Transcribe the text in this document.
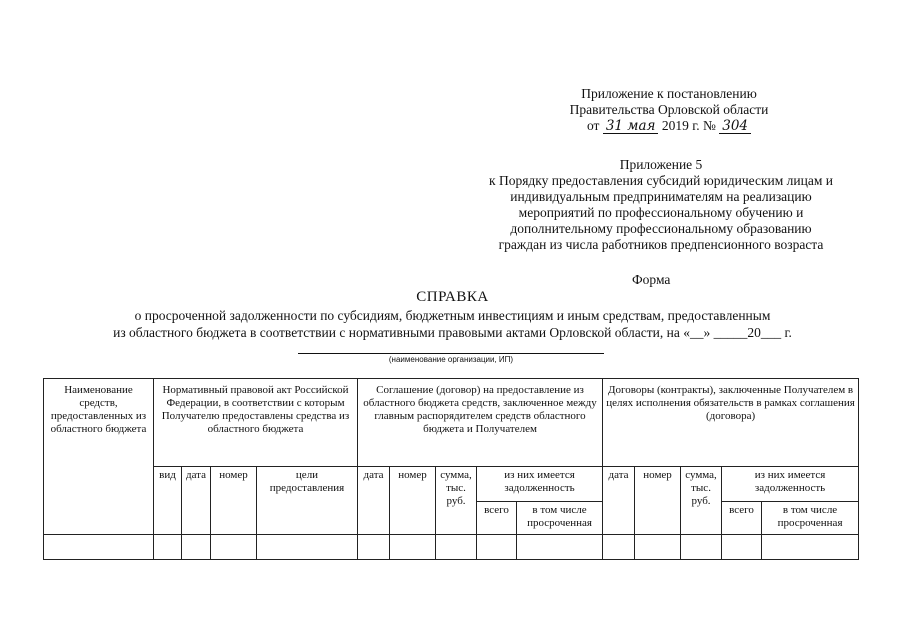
Приложение к постановлению
Правительства Орловской области
от 31 мая 2019 г. № 304
Приложение 5
к Порядку предоставления субсидий юридическим лицам и
индивидуальным предпринимателям на реализацию
мероприятий по профессиональному обучению и
дополнительному профессиональному образованию
граждан из числа работников предпенсионного возраста
Форма
СПРАВКА
о просроченной задолженности по субсидиям, бюджетным инвестициям и иным средствам, предоставленным
из областного бюджета в соответствии с нормативными правовыми актами Орловской области, на «__» _____20___ г.
(наименование организации, ИП)
Наименование средств, предоставленных из областного бюджета	Нормативный правовой акт Российской Федерации, в соответствии с которым Получателю предоставлены средства из областного бюджета				Соглашение (договор) на предоставление из областного бюджета средств, заключенное между главным распорядителем средств областного бюджета и Получателем					Договоры (контракты), заключенные Получателем в целях исполнения обязательств в рамках соглашения (договора)				
	вид	дата	номер	цели предоставления	дата	номер	сумма, тыс. руб.	из них имеется задолженность		дата	номер	сумма, тыс. руб.	из них имеется задолженность	
								всего	в том числе просроченная				всего	в том числе просроченная
